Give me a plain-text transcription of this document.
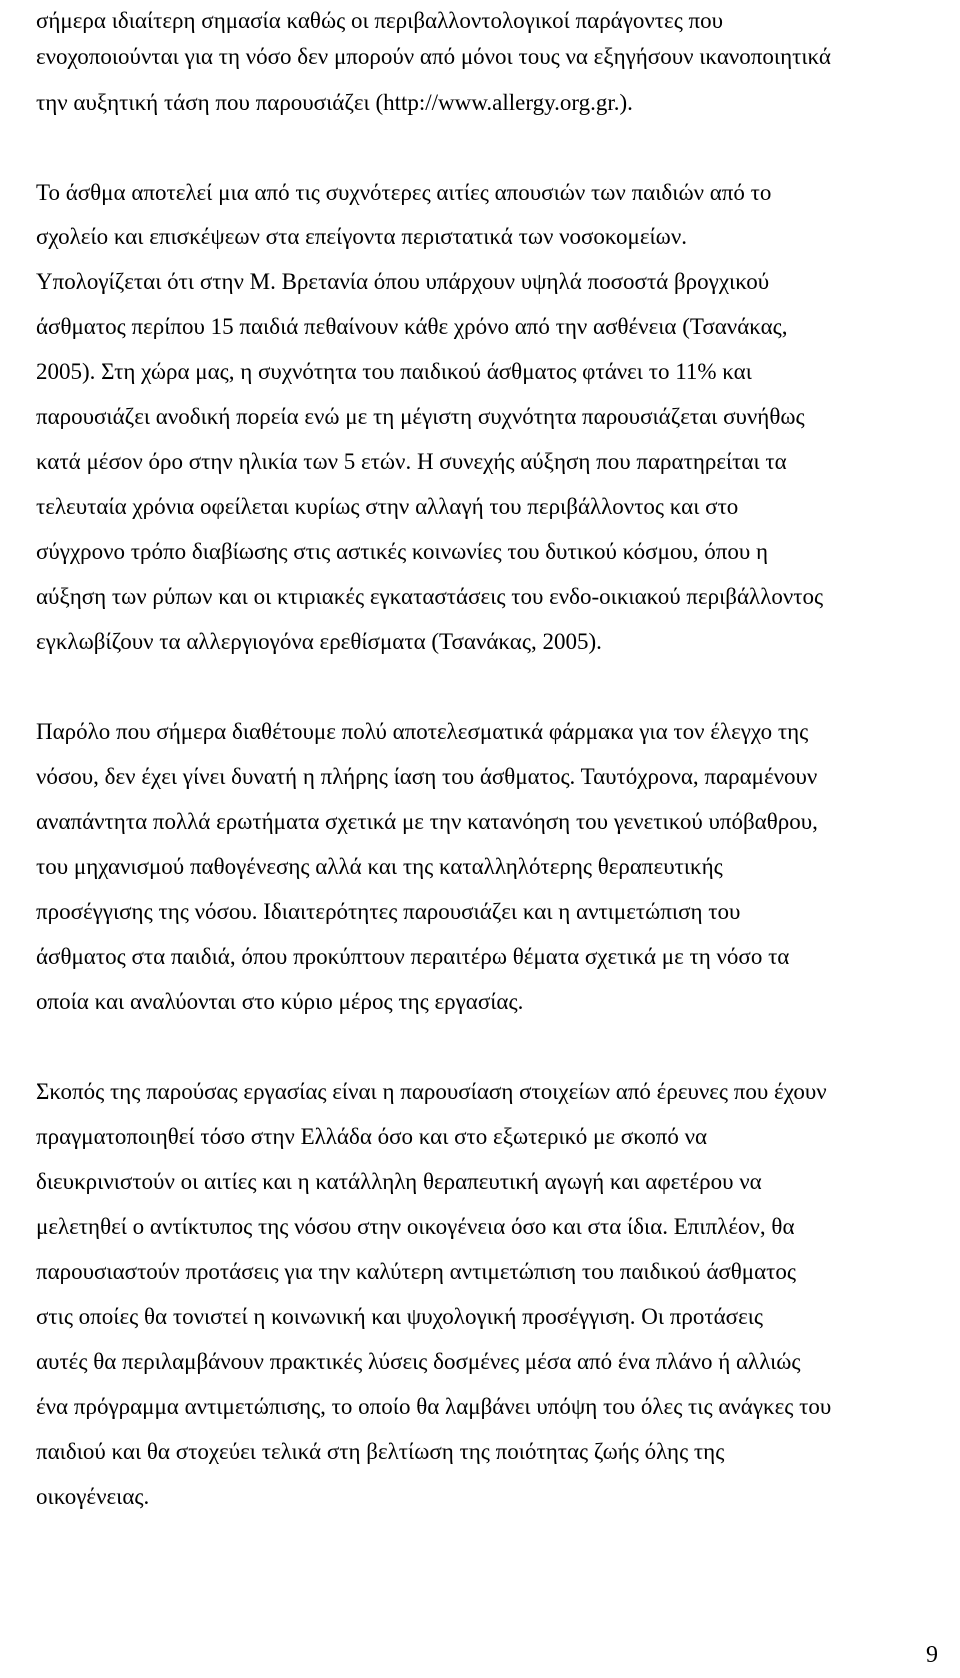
σήμερα ιδιαίτερη σημασία καθώς οι περιβαλλοντολογικοί παράγοντες που

ενοχοποιούνται για τη νόσο δεν μπορούν από μόνοι τους να εξηγήσουν ικανοποιητικά

την αυξητική τάση που παρουσιάζει (http://www.allergy.org.gr.).

Το άσθμα αποτελεί μια από τις συχνότερες αιτίες απουσιών των παιδιών από το

σχολείο και επισκέψεων στα επείγοντα περιστατικά των νοσοκομείων.

Υπολογίζεται ότι στην Μ. Βρετανία όπου υπάρχουν υψηλά ποσοστά βρογχικού

άσθματος περίπου 15 παιδιά πεθαίνουν κάθε χρόνο από την ασθένεια (Τσανάκας,

2005). Στη χώρα μας, η συχνότητα του παιδικού άσθματος φτάνει το 11% και

παρουσιάζει ανοδική πορεία ενώ με τη μέγιστη συχνότητα παρουσιάζεται συνήθως

κατά μέσον όρο στην ηλικία των 5 ετών. Η συνεχής αύξηση που παρατηρείται τα

τελευταία χρόνια οφείλεται κυρίως στην αλλαγή του περιβάλλοντος και στο

σύγχρονο τρόπο διαβίωσης στις αστικές κοινωνίες του δυτικού κόσμου, όπου η

αύξηση των ρύπων και οι κτιριακές εγκαταστάσεις του ενδο-οικιακού περιβάλλοντος

εγκλωβίζουν τα αλλεργιογόνα ερεθίσματα (Τσανάκας, 2005).

Παρόλο που σήμερα διαθέτουμε πολύ αποτελεσματικά φάρμακα για τον έλεγχο της

νόσου, δεν έχει γίνει δυνατή η πλήρης ίαση του άσθματος. Ταυτόχρονα, παραμένουν

αναπάντητα πολλά ερωτήματα σχετικά με την κατανόηση του γενετικού υπόβαθρου,

του μηχανισμού παθογένεσης αλλά και της καταλληλότερης θεραπευτικής

προσέγγισης της νόσου. Ιδιαιτερότητες παρουσιάζει και η αντιμετώπιση του

άσθματος στα παιδιά, όπου προκύπτουν περαιτέρω θέματα σχετικά με τη νόσο τα

οποία και αναλύονται στο κύριο μέρος της εργασίας.

Σκοπός της παρούσας εργασίας είναι η παρουσίαση στοιχείων από έρευνες που έχουν

πραγματοποιηθεί τόσο στην Ελλάδα όσο και στο εξωτερικό με σκοπό να

διευκρινιστούν οι αιτίες και η κατάλληλη θεραπευτική αγωγή και αφετέρου να

μελετηθεί ο αντίκτυπος της νόσου στην οικογένεια όσο και στα ίδια. Επιπλέον, θα

παρουσιαστούν προτάσεις για την καλύτερη αντιμετώπιση του παιδικού άσθματος

στις οποίες θα τονιστεί η κοινωνική και ψυχολογική προσέγγιση. Οι προτάσεις

αυτές θα περιλαμβάνουν πρακτικές λύσεις δοσμένες μέσα από ένα πλάνο ή αλλιώς

ένα πρόγραμμα αντιμετώπισης, το οποίο θα λαμβάνει υπόψη του όλες τις ανάγκες του

παιδιού και θα στοχεύει τελικά στη βελτίωση της ποιότητας ζωής όλης της

οικογένειας.

9
